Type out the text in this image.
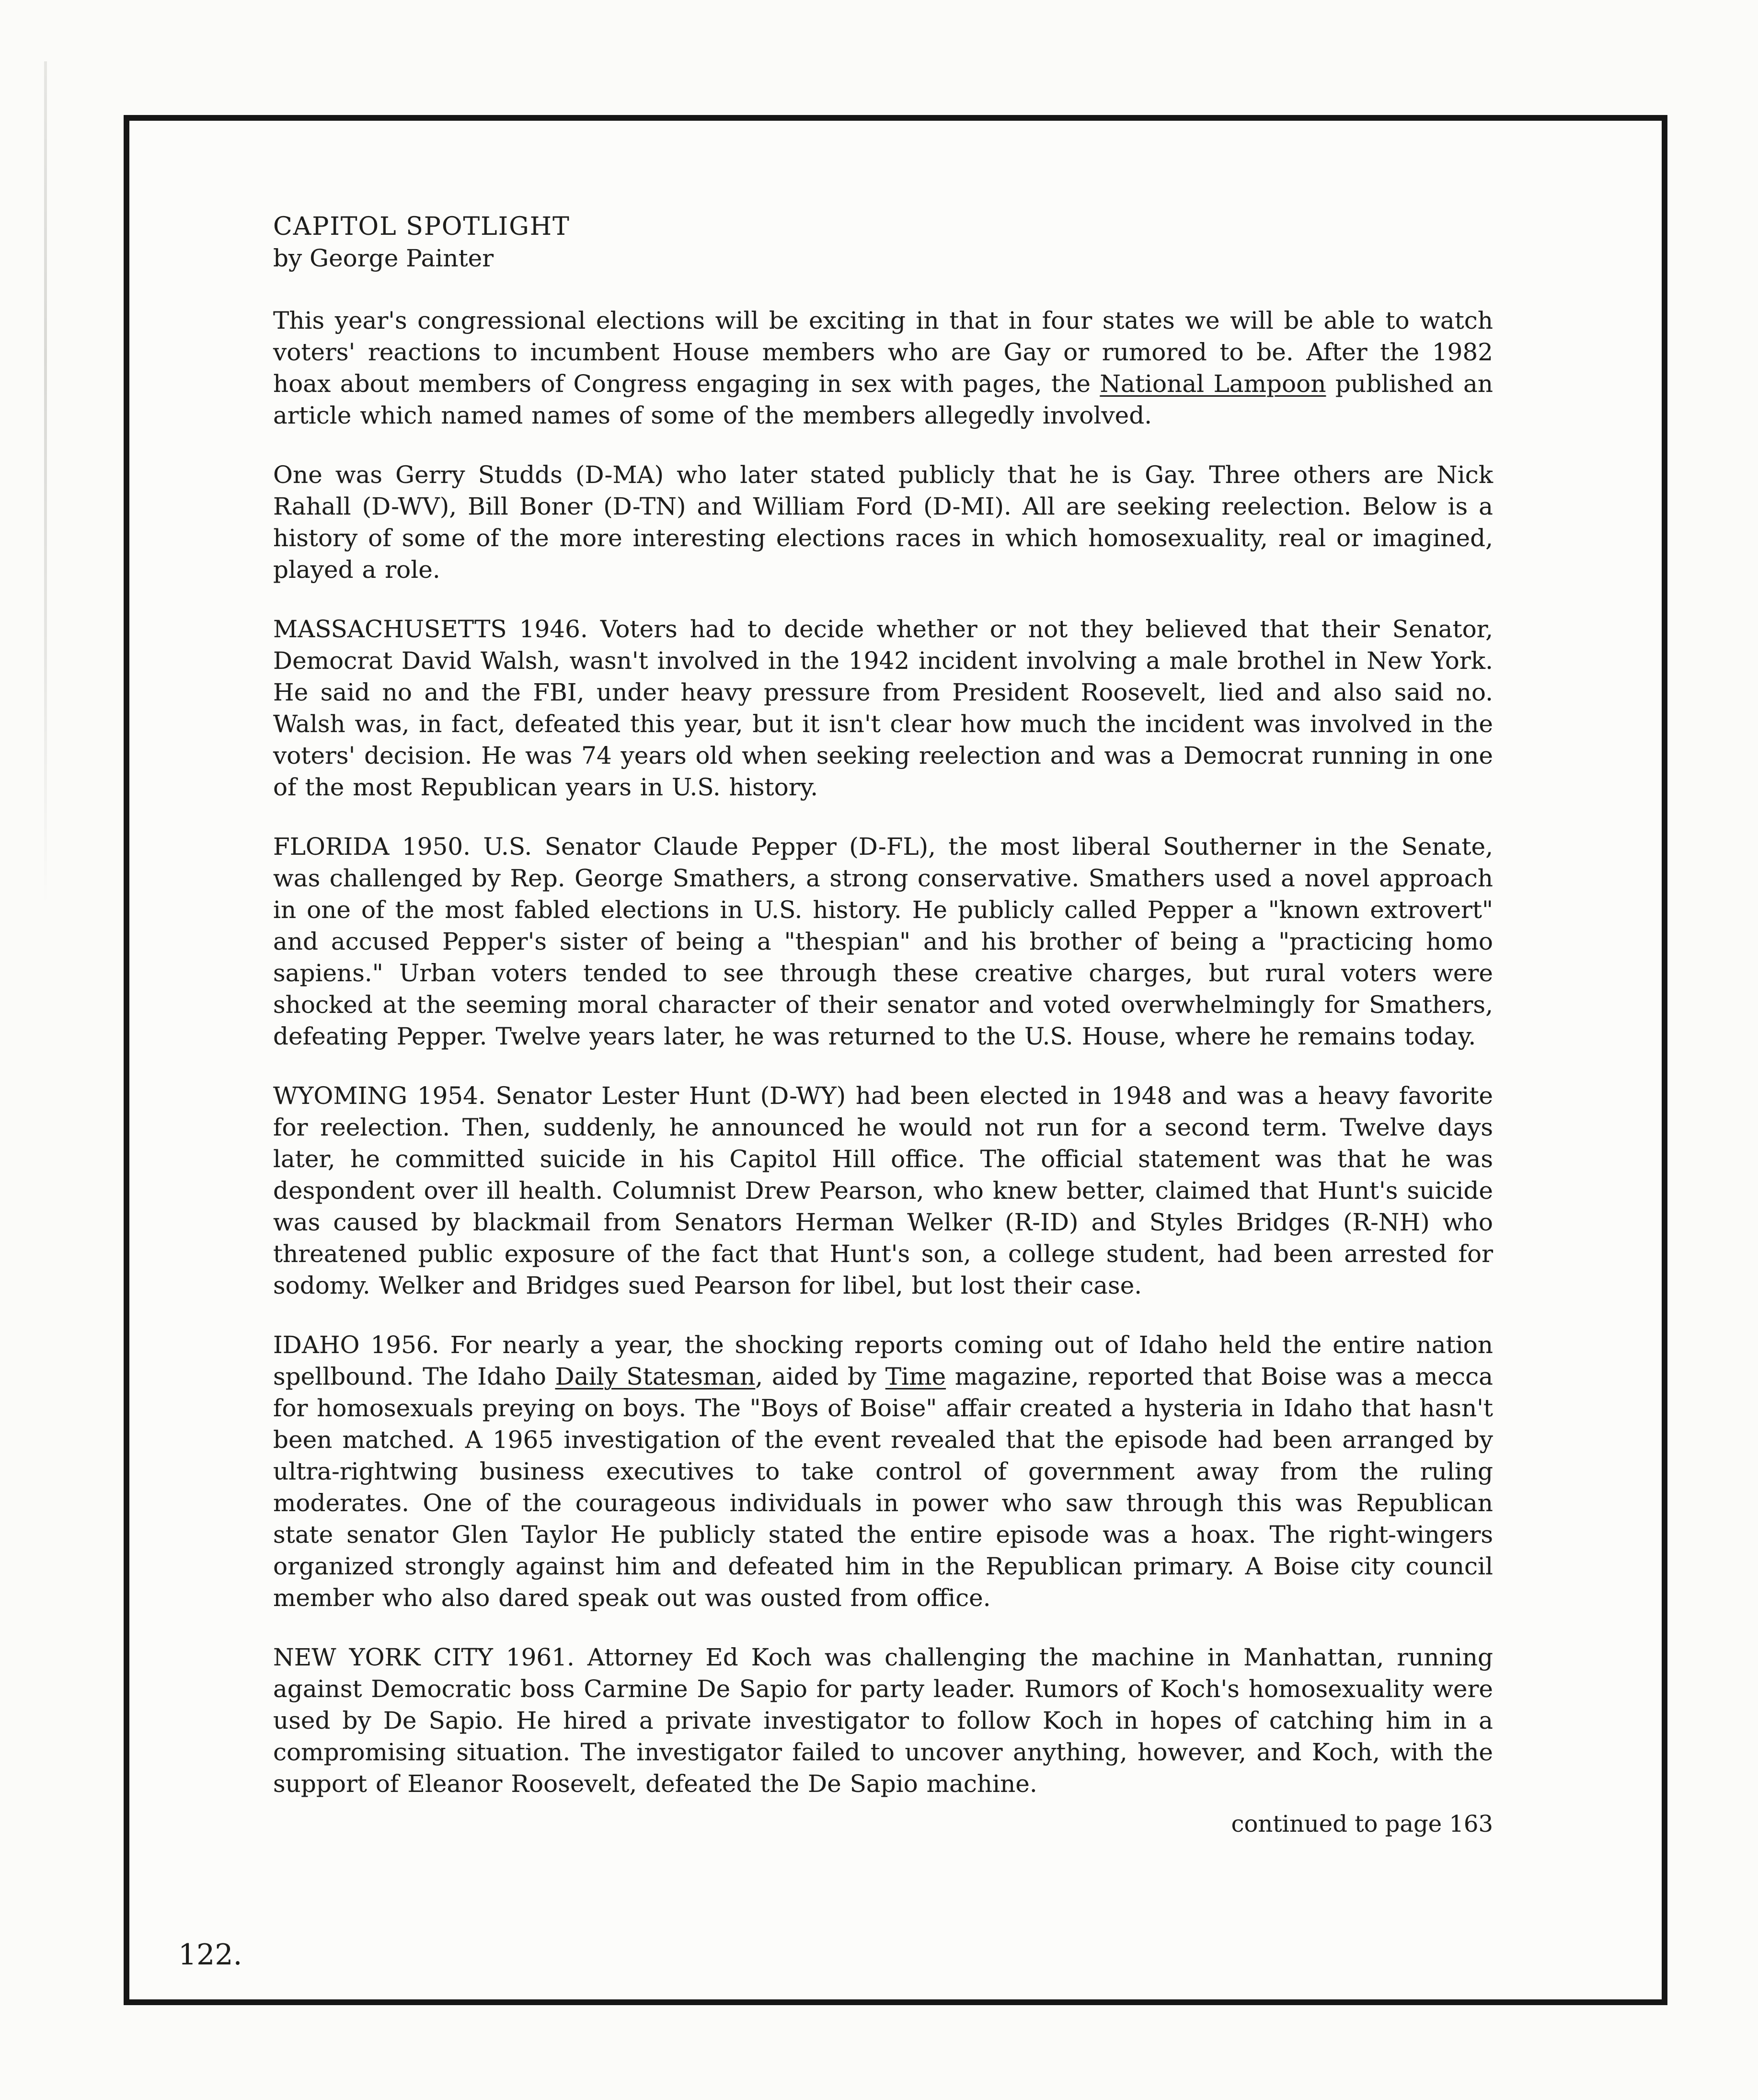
CAPITOL SPOTLIGHT
by George Painter

This year's congressional elections will be exciting in that in four states we will be able to watch voters' reactions to incumbent House members who are Gay or rumored to be. After the 1982 hoax about members of Congress engaging in sex with pages, the National Lampoon published an article which named names of some of the members allegedly involved.

One was Gerry Studds (D-MA) who later stated publicly that he is Gay. Three others are Nick Rahall (D-WV), Bill Boner (D-TN) and William Ford (D-MI). All are seeking reelection. Below is a history of some of the more interesting elections races in which homosexuality, real or imagined, played a role.

MASSACHUSETTS 1946. Voters had to decide whether or not they believed that their Senator, Democrat David Walsh, wasn't involved in the 1942 incident involving a male brothel in New York. He said no and the FBI, under heavy pressure from President Roosevelt, lied and also said no. Walsh was, in fact, defeated this year, but it isn't clear how much the incident was involved in the voters' decision. He was 74 years old when seeking reelection and was a Democrat running in one of the most Republican years in U.S. history.

FLORIDA 1950. U.S. Senator Claude Pepper (D-FL), the most liberal Southerner in the Senate, was challenged by Rep. George Smathers, a strong conservative. Smathers used a novel approach in one of the most fabled elections in U.S. history. He publicly called Pepper a "known extrovert" and accused Pepper's sister of being a "thespian" and his brother of being a "practicing homo sapiens." Urban voters tended to see through these creative charges, but rural voters were shocked at the seeming moral character of their senator and voted overwhelmingly for Smathers, defeating Pepper. Twelve years later, he was returned to the U.S. House, where he remains today.

WYOMING 1954. Senator Lester Hunt (D-WY) had been elected in 1948 and was a heavy favorite for reelection. Then, suddenly, he announced he would not run for a second term. Twelve days later, he committed suicide in his Capitol Hill office. The official statement was that he was despondent over ill health. Columnist Drew Pearson, who knew better, claimed that Hunt's suicide was caused by blackmail from Senators Herman Welker (R-ID) and Styles Bridges (R-NH) who threatened public exposure of the fact that Hunt's son, a college student, had been arrested for sodomy. Welker and Bridges sued Pearson for libel, but lost their case.

IDAHO 1956. For nearly a year, the shocking reports coming out of Idaho held the entire nation spellbound. The Idaho Daily Statesman, aided by Time magazine, reported that Boise was a mecca for homosexuals preying on boys. The "Boys of Boise" affair created a hysteria in Idaho that hasn't been matched. A 1965 investigation of the event revealed that the episode had been arranged by ultra-rightwing business executives to take control of government away from the ruling moderates. One of the courageous individuals in power who saw through this was Republican state senator Glen Taylor He publicly stated the entire episode was a hoax. The right-wingers organized strongly against him and defeated him in the Republican primary. A Boise city council member who also dared speak out was ousted from office.

NEW YORK CITY 1961. Attorney Ed Koch was challenging the machine in Manhattan, running against Democratic boss Carmine De Sapio for party leader. Rumors of Koch's homosexuality were used by De Sapio. He hired a private investigator to follow Koch in hopes of catching him in a compromising situation. The investigator failed to uncover anything, however, and Koch, with the support of Eleanor Roosevelt, defeated the De Sapio machine.

continued to page 163
122.
